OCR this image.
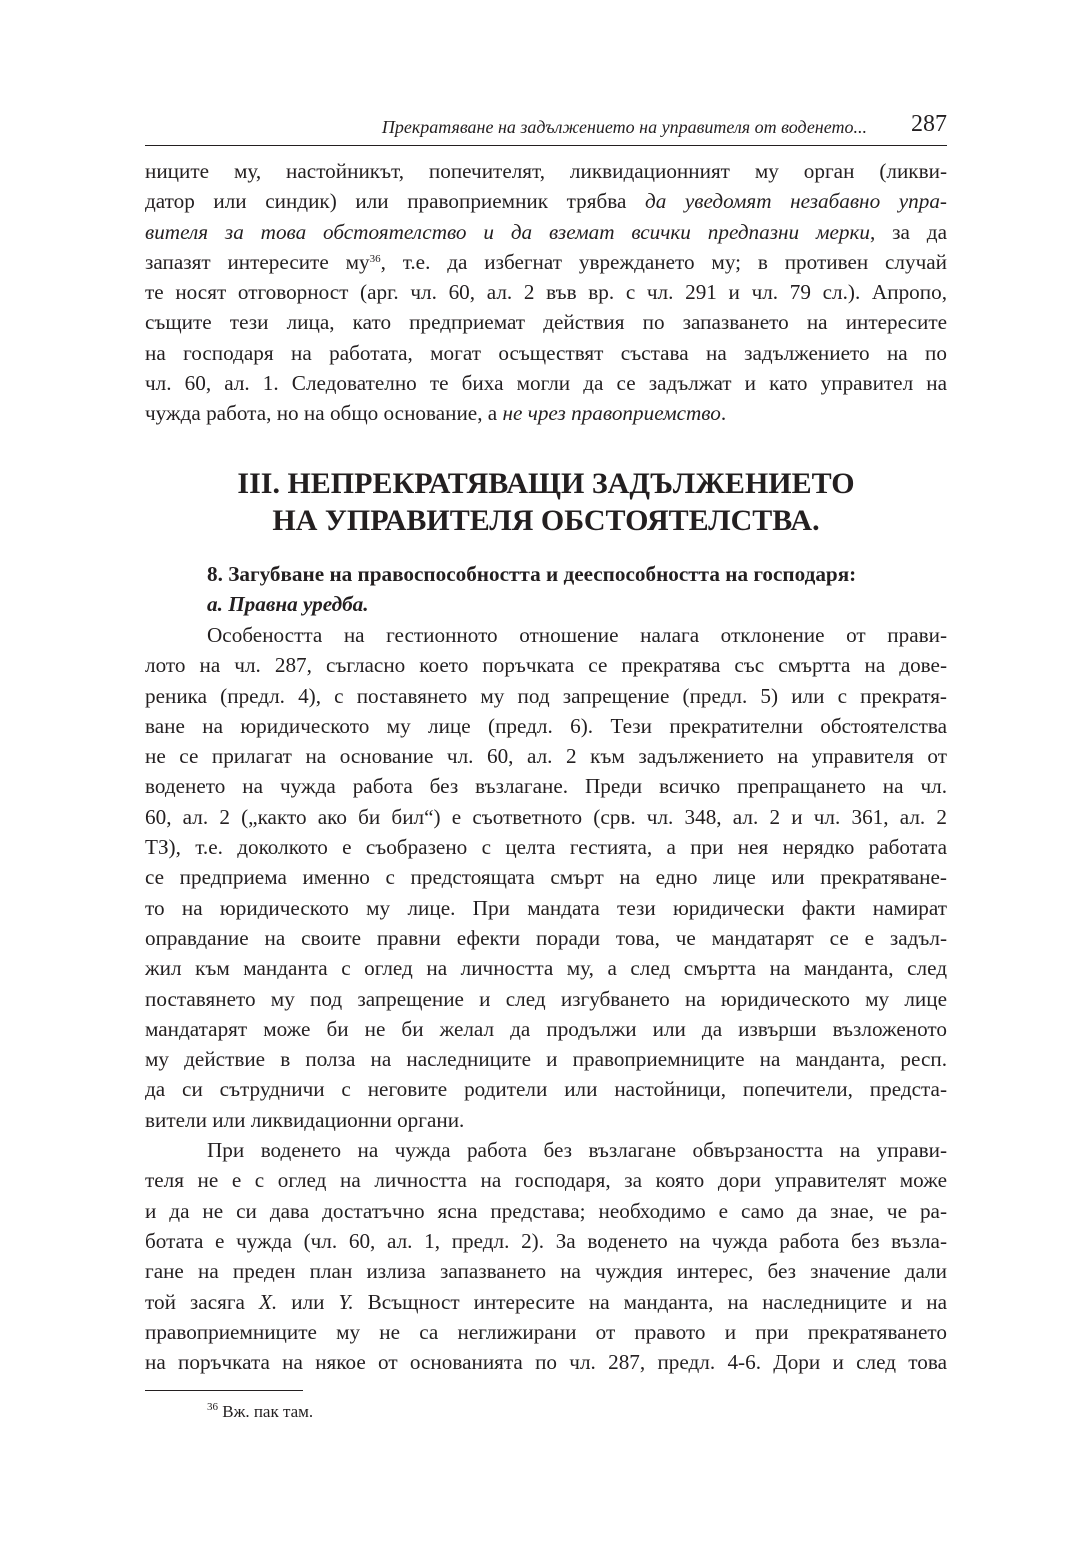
Прекратяване на задължението на управителя от воденето... 287

ниците му, настойникът, попечителят, ликвидационният му орган (ликви-

датор или синдик) или правоприемник трябва да уведомят незабавно упра-

вителя за това обстоятелство и да вземат всички предпазни мерки, за да

запазят интересите $му^{36}$, т.е. да избегнат увреждането му; в противен случай

те носят отговорност (арг. чл. 60, ал. 2 във вр. с чл. 291 и чл. 79 сл.). Апропо,

същите тези лица, като предприемат действия по запазването на интересите

на господаря на работата, могат осъществят състава на задължението на по

чл. 60, ал. 1. Следователно те биха могли да се задължат и като управител на

чужда работа, но на общо основание, а не чрез правоприемство.

III. НЕПРЕКРАТЯВАЩИ ЗАДЪЛЖЕНИЕТО
НА УПРАВИТЕЛЯ ОБСТОЯТЕЛСТВА.
8. Загубване на правоспособността и дееспособността на господаря:
а. Правна уредба.

Особеността на гестионното отношение налага отклонение от прави-

лото на чл. 287, съгласно което поръчката се прекратява със смъртта на дове-

реника (предл. 4), с поставянето му под запрещение (предл. 5) или с прекратя-

ване на юридическото му лице (предл. 6). Тези прекратителни обстоятелства

не се прилагат на основание чл. 60, ал. 2 към задължението на управителя от

воденето на чужда работа без възлагане. Преди всичко препращането на чл.

60, ал. 2 („както ако би бил“) е съответното (срв. чл. 348, ал. 2 и чл. 361, ал. 2

ТЗ), т.е. доколкото е съобразено с целта гестията, а при нея нерядко работата

се предприема именно с предстоящата смърт на едно лице или прекратяване-

то на юридическото му лице. При мандата тези юридически факти намират

оправдание на своите правни ефекти поради това, че мандатарят се е задъл-

жил към манданта с оглед на личността му, а след смъртта на манданта, след

поставянето му под запрещение и след изгубването на юридическото му лице

мандатарят може би не би желал да продължи или да извърши възложеното

му действие в полза на наследниците и правоприемниците на манданта, респ.

да си сътрудничи с неговите родители или настойници, попечители, предста-

вители или ликвидационни органи.

При воденето на чужда работа без възлагане обвързаността на управи-

теля не е с оглед на личността на господаря, за която дори управителят може

и да не си дава достатъчно ясна представа; необходимо е само да знае, че ра-

ботата е чужда (чл. 60, ал. 1, предл. 2). За воденето на чужда работа без възла-

гане на преден план излиза запазването на чуждия интерес, без значение дали

той засяга Х. или Y. Всъщност интересите на манданта, на наследниците и на

правоприемниците му не са неглижирани от правото и при прекратяването

на поръчката на някое от основанията по чл. 287, предл. 4-6. Дори и след това

$^{36}$ Вж. пак там.
